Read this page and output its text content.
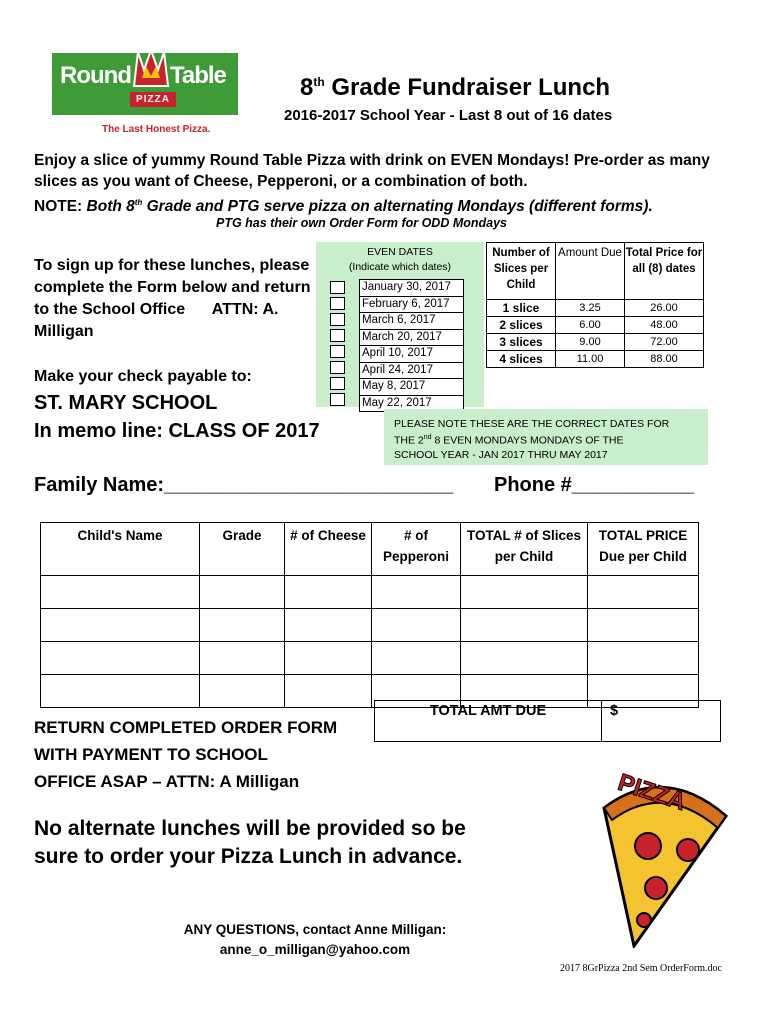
Round Table
PIZZA
The Last Honest Pizza.
8th Grade Fundraiser Lunch
2016-2017 School Year - Last 8 out of 16 dates
Enjoy a slice of yummy Round Table Pizza with drink on EVEN Mondays! Pre-order as many slices as you want of Cheese, Pepperoni, or a combination of both.
NOTE: Both 8th Grade and PTG serve pizza on alternating Mondays (different forms).
PTG has their own Order Form for ODD Mondays
To sign up for these lunches, please complete the Form below and return to the School Office ATTN: A. Milligan
Make your check payable to:
ST. MARY SCHOOL
In memo line: CLASS OF 2017
EVEN DATES
(Indicate which dates)
January 30, 2017
February 6, 2017
March 6, 2017
March 20, 2017
April 10, 2017
April 24, 2017
May 8, 2017
May 22, 2017
Number of Slices per Child	Amount Due	Total Price for all (8) dates
1 slice	3.25	26.00
2 slices	6.00	48.00
3 slices	9.00	72.00
4 slices	11.00	88.00
PLEASE NOTE THESE ARE THE CORRECT DATES FOR
THE 2nd 8 EVEN MONDAYS MONDAYS OF THE
SCHOOL YEAR - JAN 2017 THRU MAY 2017
Family Name:__________________________ Phone #___________
Child's Name	Grade	# of Cheese	# of Pepperoni	TOTAL # of Slices per Child	TOTAL PRICE Due per Child

TOTAL AMT DUE	$
RETURN COMPLETED ORDER FORM
WITH PAYMENT TO SCHOOL
OFFICE ASAP – ATTN: A Milligan
No alternate lunches will be provided so be
sure to order your Pizza Lunch in advance.
PIZZA
ANY QUESTIONS, contact Anne Milligan:
anne_o_milligan@yahoo.com
2017 8GrPizza 2nd Sem OrderForm.doc
